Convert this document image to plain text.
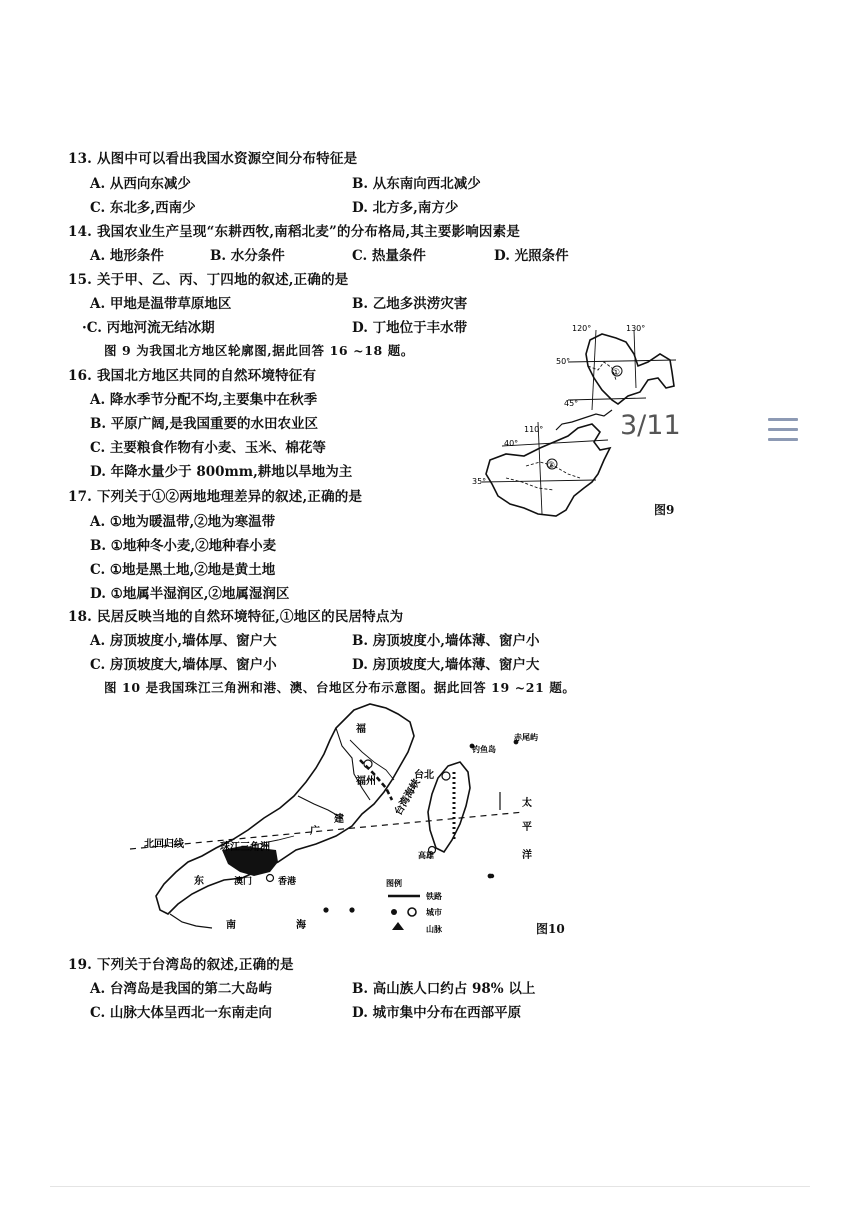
13. 从图中可以看出我国水资源空间分布特征是
A. 从西向东减少	B. 从东南向西北减少
C. 东北多,西南少	D. 北方多,南方少
14. 我国农业生产呈现“东耕西牧,南稻北麦”的分布格局,其主要影响因素是
A. 地形条件	B. 水分条件	C. 热量条件	D. 光照条件
15. 关于甲、乙、丙、丁四地的叙述,正确的是
A. 甲地是温带草原地区	B. 乙地多洪涝灾害
·C. 丙地河流无结冰期	D. 丁地位于丰水带
图 9 为我国北方地区轮廓图,据此回答 16 ~18 题。
16. 我国北方地区共同的自然环境特征有
A. 降水季节分配不均,主要集中在秋季
B. 平原广阔,是我国重要的水田农业区
C. 主要粮食作物有小麦、玉米、棉花等
D. 年降水量少于 800mm,耕地以旱地为主
17. 下列关于①②两地地理差异的叙述,正确的是
A. ①地为暖温带,②地为寒温带
B. ①地种冬小麦,②地种春小麦
C. ①地是黑土地,②地是黄土地
D. ①地属半湿润区,②地属湿润区
18. 民居反映当地的自然环境特征,①地区的民居特点为
A. 房顶坡度小,墙体厚、窗户大	B. 房顶坡度小,墙体薄、窗户小
C. 房顶坡度大,墙体厚、窗户小	D. 房顶坡度大,墙体薄、窗户大
图 10 是我国珠江三角洲和港、澳、台地区分布示意图。据此回答 19 ~21 题。
19. 下列关于台湾岛的叙述,正确的是
A. 台湾岛是我国的第二大岛屿	B. 高山族人口约占 98% 以上
C. 山脉大体呈西北一东南走向	D. 城市集中分布在西部平原
120°	130°
50°
45°
110°
40°
35°
①
②
图9
3/11
福
福州
建
广
东
台北
台湾海峡
高雄
钓鱼岛
赤尾屿
太
平
洋
北回归线	珠江三角洲
澳门	香港
南	海
图例
铁路
城市
山脉	图10
